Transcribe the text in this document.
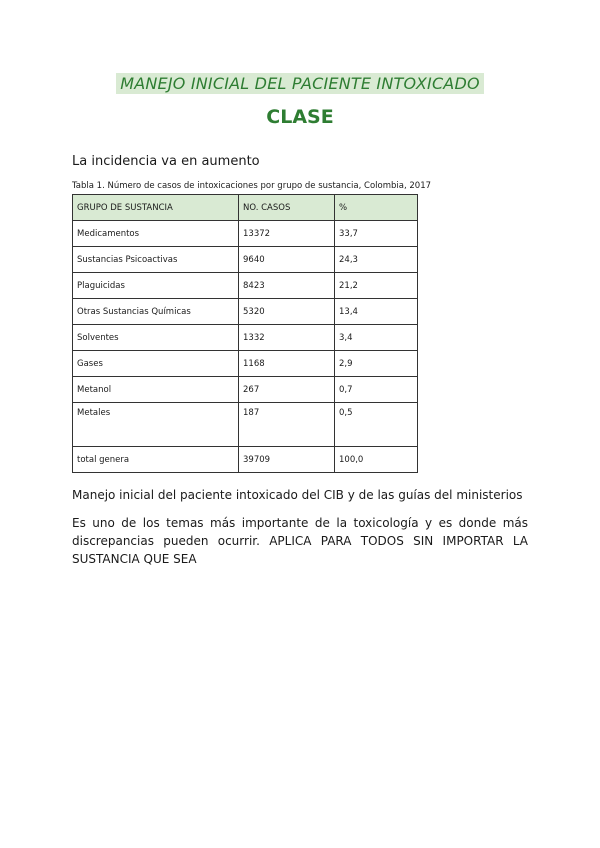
MANEJO INICIAL DEL PACIENTE INTOXICADO
CLASE
La incidencia va en aumento
Tabla 1. Número de casos de intoxicaciones por grupo de sustancia, Colombia, 2017
GRUPO DE SUSTANCIA	NO. CASOS	%
Medicamentos	13372	33,7
Sustancias Psicoactivas	9640	24,3
Plaguicidas	8423	21,2
Otras Sustancias Químicas	5320	13,4
Solventes	1332	3,4
Gases	1168	2,9
Metanol	267	0,7
Metales	187	0,5
total genera	39709	100,0
Manejo inicial del paciente intoxicado del CIB y de las guías del ministerios
Es uno de los temas más importante de la toxicología y es donde más discrepancias pueden ocurrir. APLICA PARA TODOS SIN IMPORTAR LA SUSTANCIA QUE SEA
